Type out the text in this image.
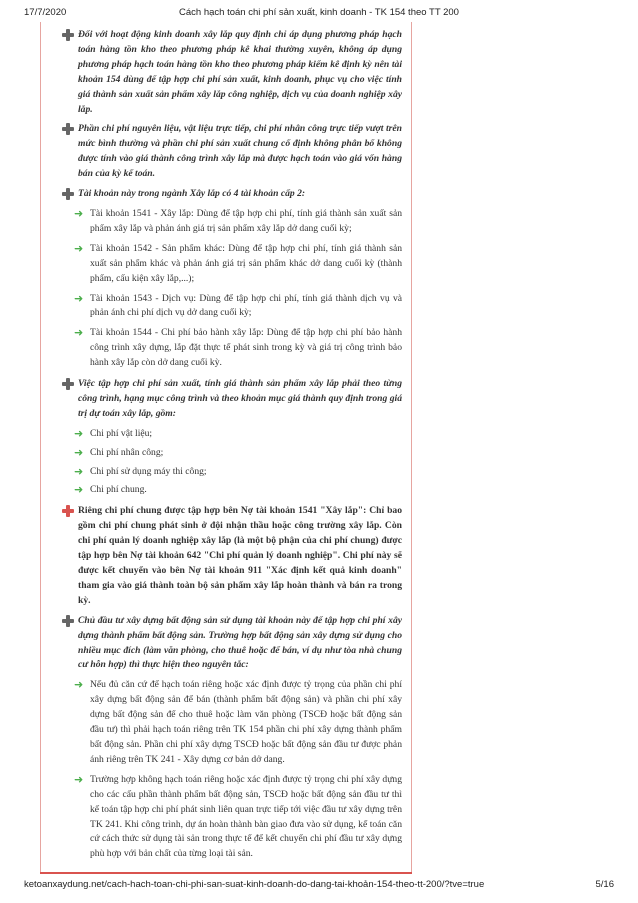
17/7/2020	Cách hạch toán chi phí sản xuất, kinh doanh - TK 154 theo TT 200
Đối với hoạt động kinh doanh xây lắp quy định chỉ áp dụng phương pháp hạch toán hàng tồn kho theo phương pháp kê khai thường xuyên, không áp dụng phương pháp hạch toán hàng tồn kho theo phương pháp kiểm kê định kỳ nên tài khoản 154 dùng để tập hợp chi phí sản xuất, kinh doanh, phục vụ cho việc tính giá thành sản xuất sản phẩm xây lắp công nghiệp, dịch vụ của doanh nghiệp xây lắp.
Phần chi phí nguyên liệu, vật liệu trực tiếp, chi phí nhân công trực tiếp vượt trên mức bình thường và phần chi phí sản xuất chung cố định không phân bổ không được tính vào giá thành công trình xây lắp mà được hạch toán vào giá vốn hàng bán của kỳ kế toán.
Tài khoản này trong ngành Xây lắp có 4 tài khoản cấp 2:
➜ Tài khoản 1541 - Xây lắp: Dùng để tập hợp chi phí, tính giá thành sản xuất sản phẩm xây lắp và phản ánh giá trị sản phẩm xây lắp dở dang cuối kỳ;
➜ Tài khoản 1542 - Sản phẩm khác: Dùng để tập hợp chi phí, tính giá thành sản xuất sản phẩm khác và phản ánh giá trị sản phẩm khác dở dang cuối kỳ (thành phẩm, cấu kiện xây lắp,...);
➜ Tài khoản 1543 - Dịch vụ: Dùng để tập hợp chi phí, tính giá thành dịch vụ và phản ánh chi phí dịch vụ dở dang cuối kỳ;
➜ Tài khoản 1544 - Chi phí bảo hành xây lắp: Dùng để tập hợp chi phí bảo hành công trình xây dựng, lắp đặt thực tế phát sinh trong kỳ và giá trị công trình bảo hành xây lắp còn dở dang cuối kỳ.
Việc tập hợp chi phí sản xuất, tính giá thành sản phẩm xây lắp phải theo từng công trình, hạng mục công trình và theo khoản mục giá thành quy định trong giá trị dự toán xây lắp, gồm:
➜ Chi phí vật liệu;
➜ Chi phí nhân công;
➜ Chi phí sử dụng máy thi công;
➜ Chi phí chung.
Riêng chi phí chung được tập hợp bên Nợ tài khoản 1541 "Xây lắp": Chỉ bao gồm chi phí chung phát sinh ở đội nhận thầu hoặc công trường xây lắp. Còn chi phí quản lý doanh nghiệp xây lắp (là một bộ phận của chi phí chung) được tập hợp bên Nợ tài khoản 642 "Chi phí quản lý doanh nghiệp". Chi phí này sẽ được kết chuyển vào bên Nợ tài khoản 911 "Xác định kết quả kinh doanh" tham gia vào giá thành toàn bộ sản phẩm xây lắp hoàn thành và bán ra trong kỳ.
Chủ đầu tư xây dựng bất động sản sử dụng tài khoản này để tập hợp chi phí xây dựng thành phẩm bất động sản. Trường hợp bất động sản xây dựng sử dụng cho nhiều mục đích (làm văn phòng, cho thuê hoặc để bán, ví dụ như tòa nhà chung cư hỗn hợp) thì thực hiện theo nguyên tắc:
➜ Nếu đủ căn cứ để hạch toán riêng hoặc xác định được tỷ trọng của phần chi phí xây dựng bất động sản để bán (thành phẩm bất động sản) và phần chi phí xây dựng bất động sản để cho thuê hoặc làm văn phòng (TSCĐ hoặc bất động sản đầu tư) thì phải hạch toán riêng trên TK 154 phần chi phí xây dựng thành phẩm bất động sản. Phần chi phí xây dựng TSCĐ hoặc bất động sản đầu tư được phản ánh riêng trên TK 241 - Xây dựng cơ bản dở dang.
➜ Trường hợp không hạch toán riêng hoặc xác định được tỷ trọng chi phí xây dựng cho các cấu phần thành phẩm bất động sản, TSCĐ hoặc bất động sản đầu tư thì kế toán tập hợp chi phí phát sinh liên quan trực tiếp tới việc đầu tư xây dựng trên TK 241. Khi công trình, dự án hoàn thành bàn giao đưa vào sử dụng, kế toán căn cứ cách thức sử dụng tài sản trong thực tế để kết chuyển chi phí đầu tư xây dựng phù hợp với bản chất của từng loại tài sản.
ketoanxaydung.net/cach-hach-toan-chi-phi-san-suat-kinh-doanh-do-dang-tai-khoản-154-theo-tt-200/?tve=true	5/16
